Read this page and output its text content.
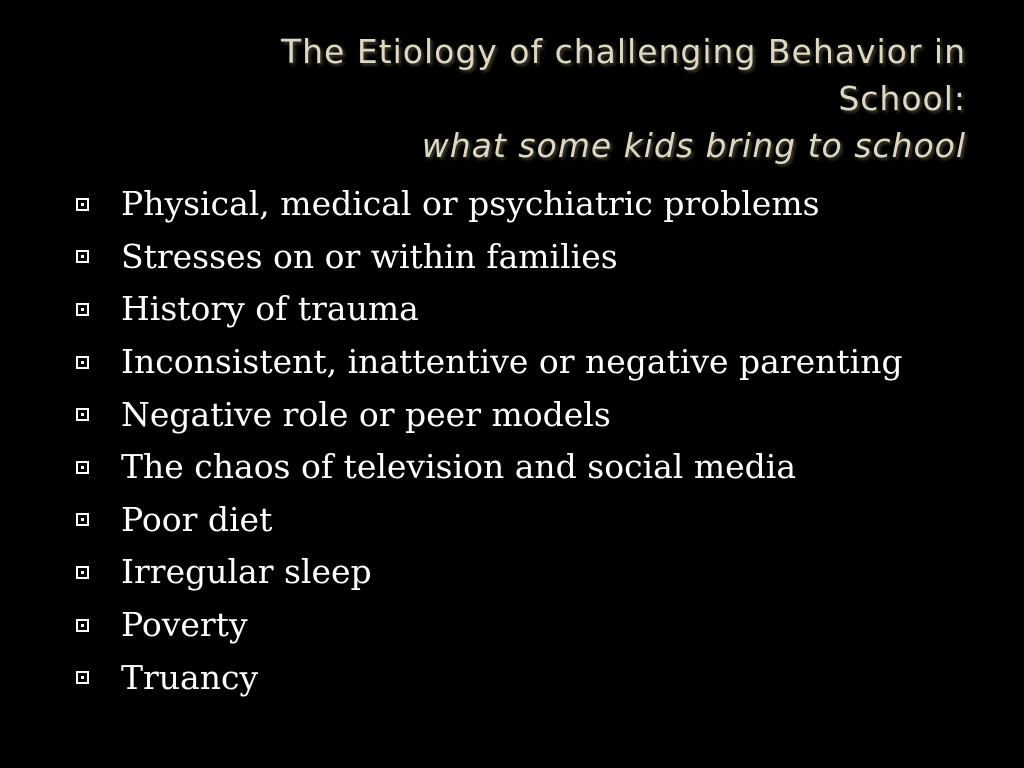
The Etiology of challenging Behavior in
School:
what some kids bring to school
Physical, medical or psychiatric problems
Stresses on or within families
History of trauma
Inconsistent, inattentive or negative parenting
Negative role or peer models
The chaos of television and social media
Poor diet
Irregular sleep
Poverty
Truancy
